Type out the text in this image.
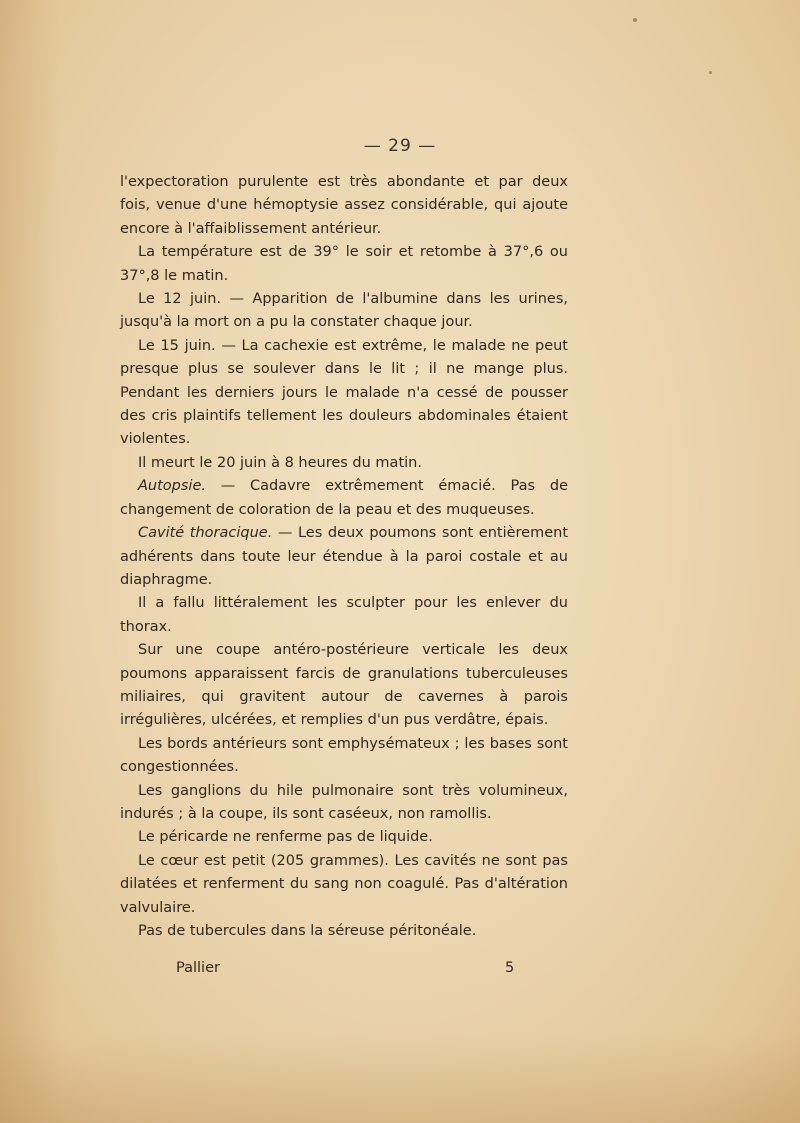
— 29 —

l'expectoration purulente est très abondante et par deux fois, venue d'une hémoptysie assez considérable, qui ajoute encore à l'affaiblissement antérieur.

La température est de 39° le soir et retombe à 37°,6 ou 37°,8 le matin.

Le 12 juin. — Apparition de l'albumine dans les urines, jusqu'à la mort on a pu la constater chaque jour.

Le 15 juin. — La cachexie est extrême, le malade ne peut presque plus se soulever dans le lit ; il ne mange plus. Pendant les derniers jours le malade n'a cessé de pousser des cris plaintifs tellement les douleurs abdominales étaient violentes.

Il meurt le 20 juin à 8 heures du matin.

Autopsie. — Cadavre extrêmement émacié. Pas de changement de coloration de la peau et des muqueuses.

Cavité thoracique. — Les deux poumons sont entièrement adhérents dans toute leur étendue à la paroi costale et au diaphragme.

Il a fallu littéralement les sculpter pour les enlever du thorax.

Sur une coupe antéro-postérieure verticale les deux poumons apparaissent farcis de granulations tuberculeuses miliaires, qui gravitent autour de cavernes à parois irrégulières, ulcérées, et remplies d'un pus verdâtre, épais.

Les bords antérieurs sont emphysémateux ; les bases sont congestionnées.

Les ganglions du hile pulmonaire sont très volumineux, indurés ; à la coupe, ils sont caséeux, non ramollis.

Le péricarde ne renferme pas de liquide.

Le cœur est petit (205 grammes). Les cavités ne sont pas dilatées et renferment du sang non coagulé. Pas d'altération valvulaire.

Pas de tubercules dans la séreuse péritonéale.

Pallier	5
